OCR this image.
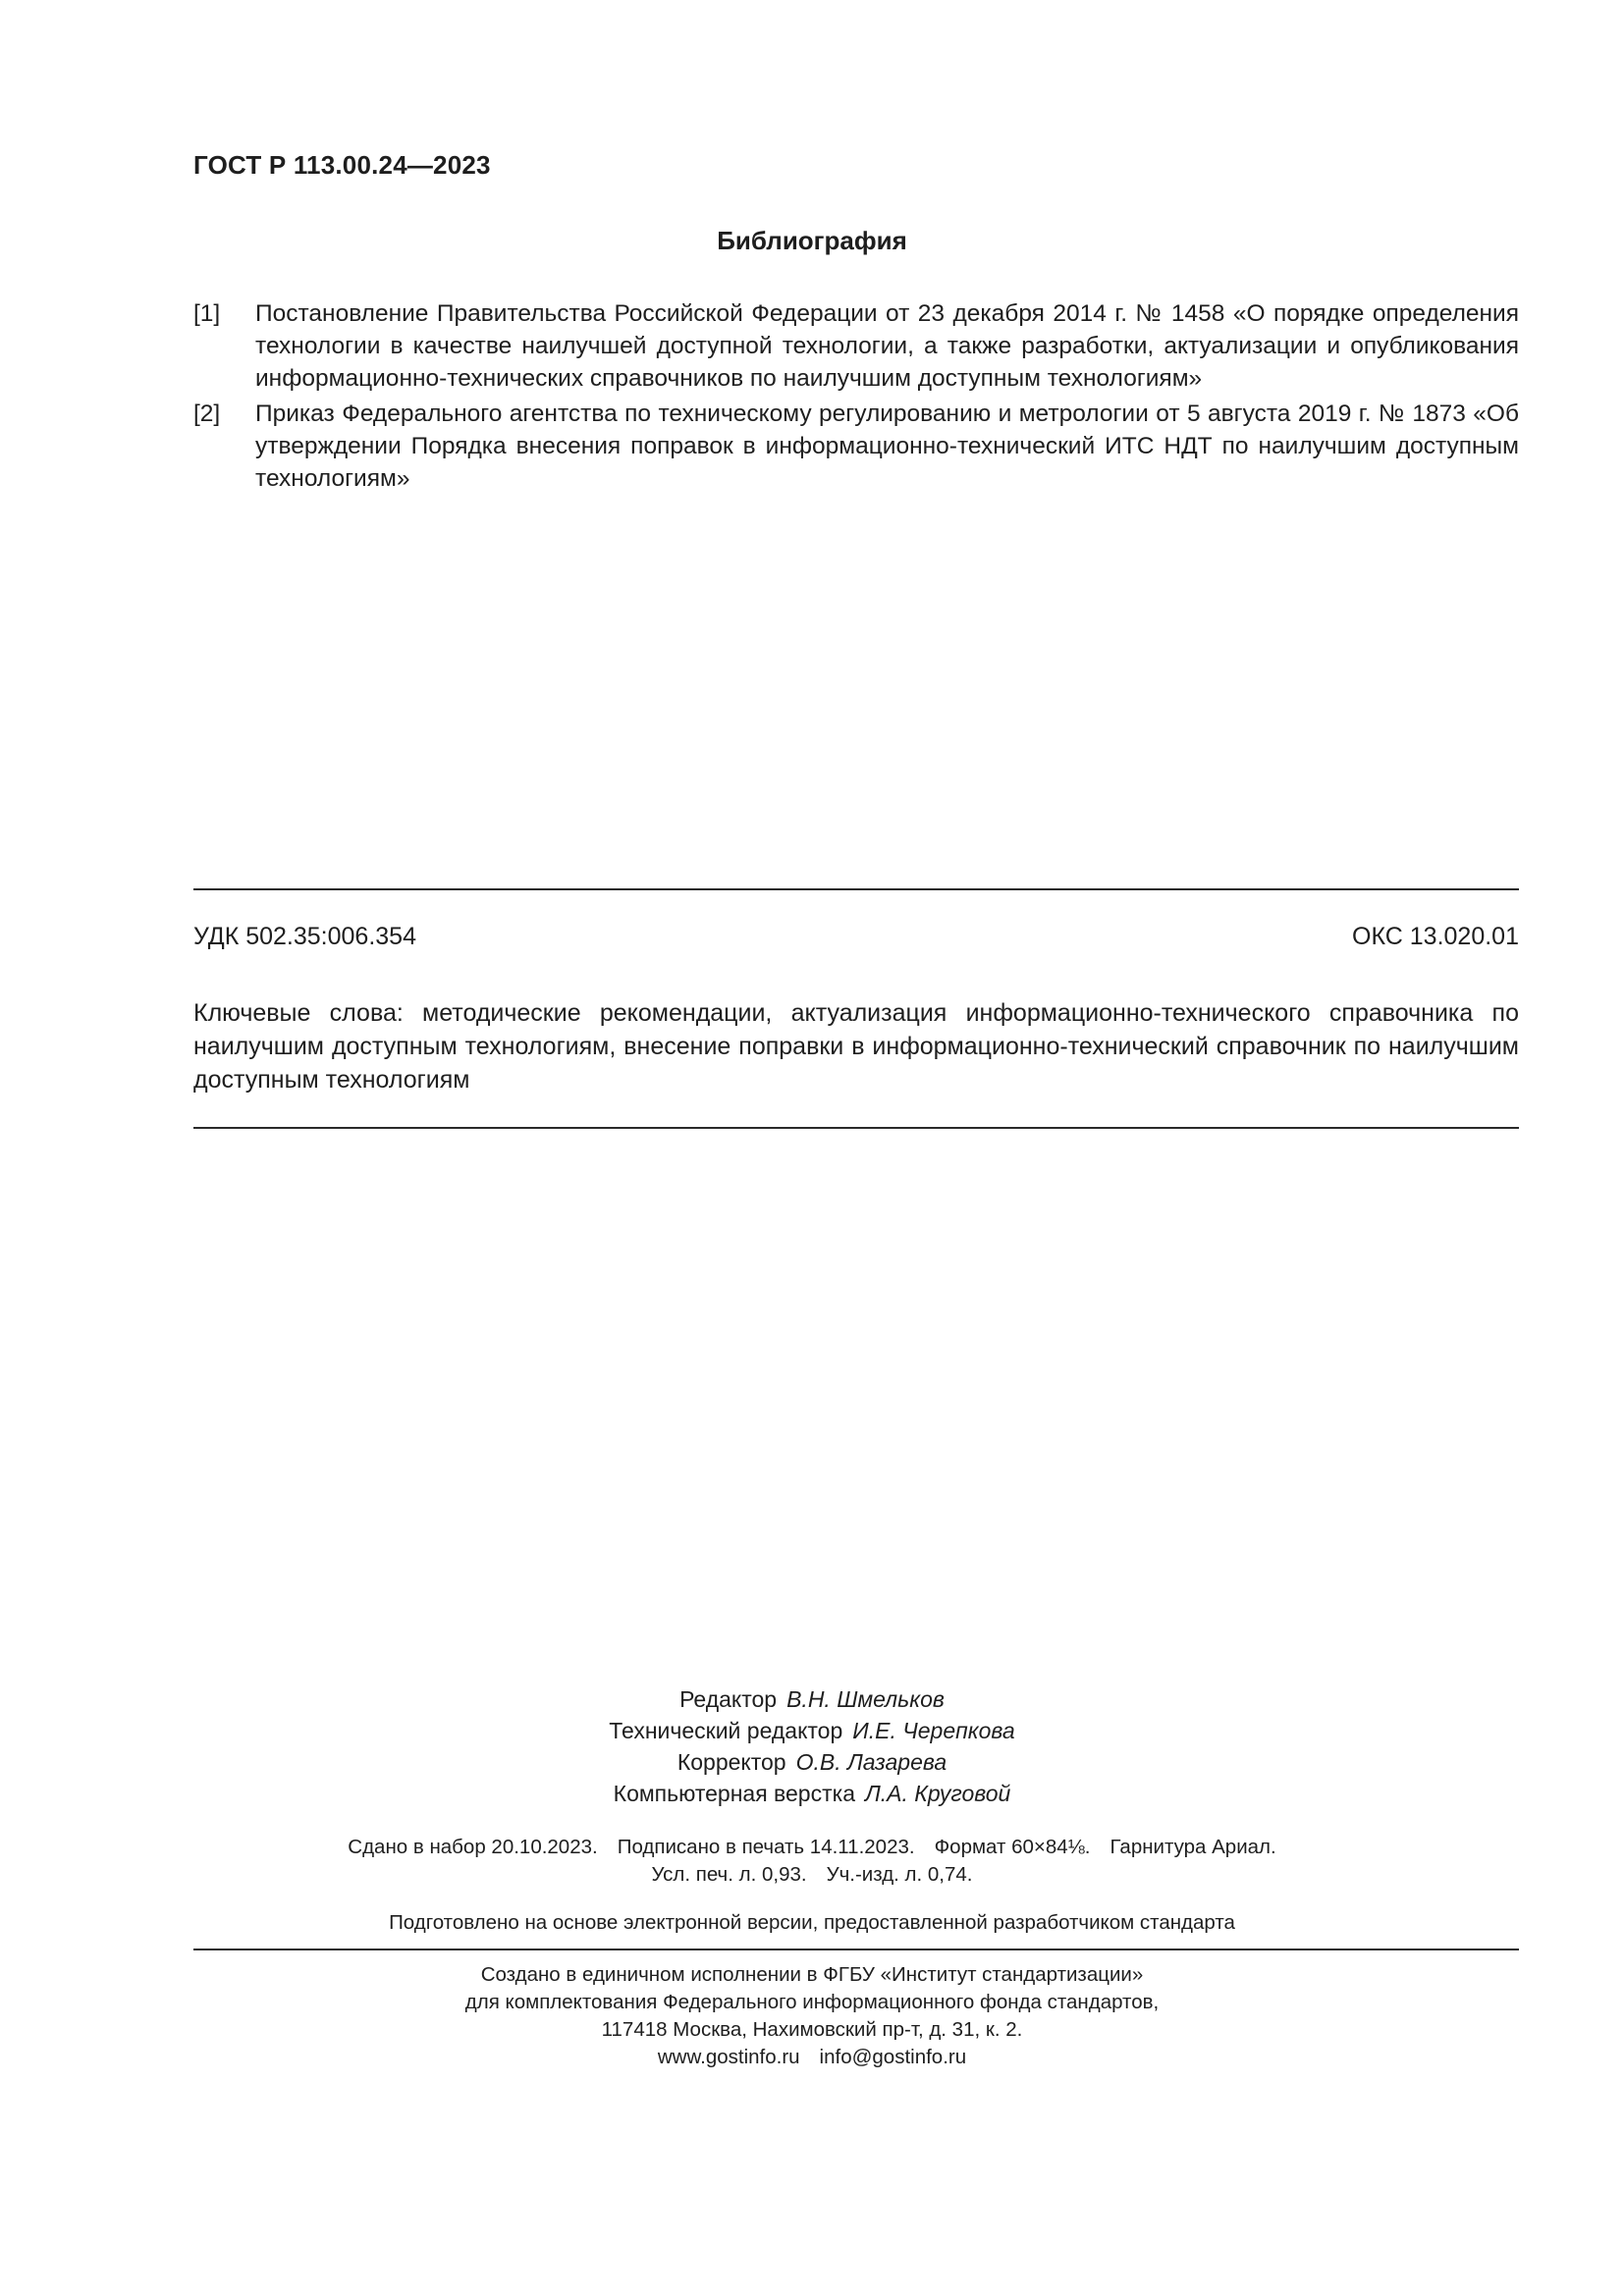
ГОСТ Р 113.00.24—2023
Библиография
[1] Постановление Правительства Российской Федерации от 23 декабря 2014 г. № 1458 «О порядке определения технологии в качестве наилучшей доступной технологии, а также разработки, актуализации и опубликования информационно-технических справочников по наилучшим доступным технологиям»
[2] Приказ Федерального агентства по техническому регулированию и метрологии от 5 августа 2019 г. № 1873 «Об утверждении Порядка внесения поправок в информационно-технический ИТС НДТ по наилучшим доступным технологиям»
УДК 502.35:006.354	ОКС 13.020.01
Ключевые слова: методические рекомендации, актуализация информационно-технического справочника по наилучшим доступным технологиям, внесение поправки в информационно-технический справочник по наилучшим доступным технологиям
Редактор В.Н. Шмельков
Технический редактор И.Е. Черепкова
Корректор О.В. Лазарева
Компьютерная верстка Л.А. Круговой
Сдано в набор 20.10.2023. Подписано в печать 14.11.2023. Формат 60×84⅛. Гарнитура Ариал.
Усл. печ. л. 0,93. Уч.-изд. л. 0,74.
Подготовлено на основе электронной версии, предоставленной разработчиком стандарта
Создано в единичном исполнении в ФГБУ «Институт стандартизации»
для комплектования Федерального информационного фонда стандартов,
117418 Москва, Нахимовский пр-т, д. 31, к. 2.
www.gostinfo.ru info@gostinfo.ru
